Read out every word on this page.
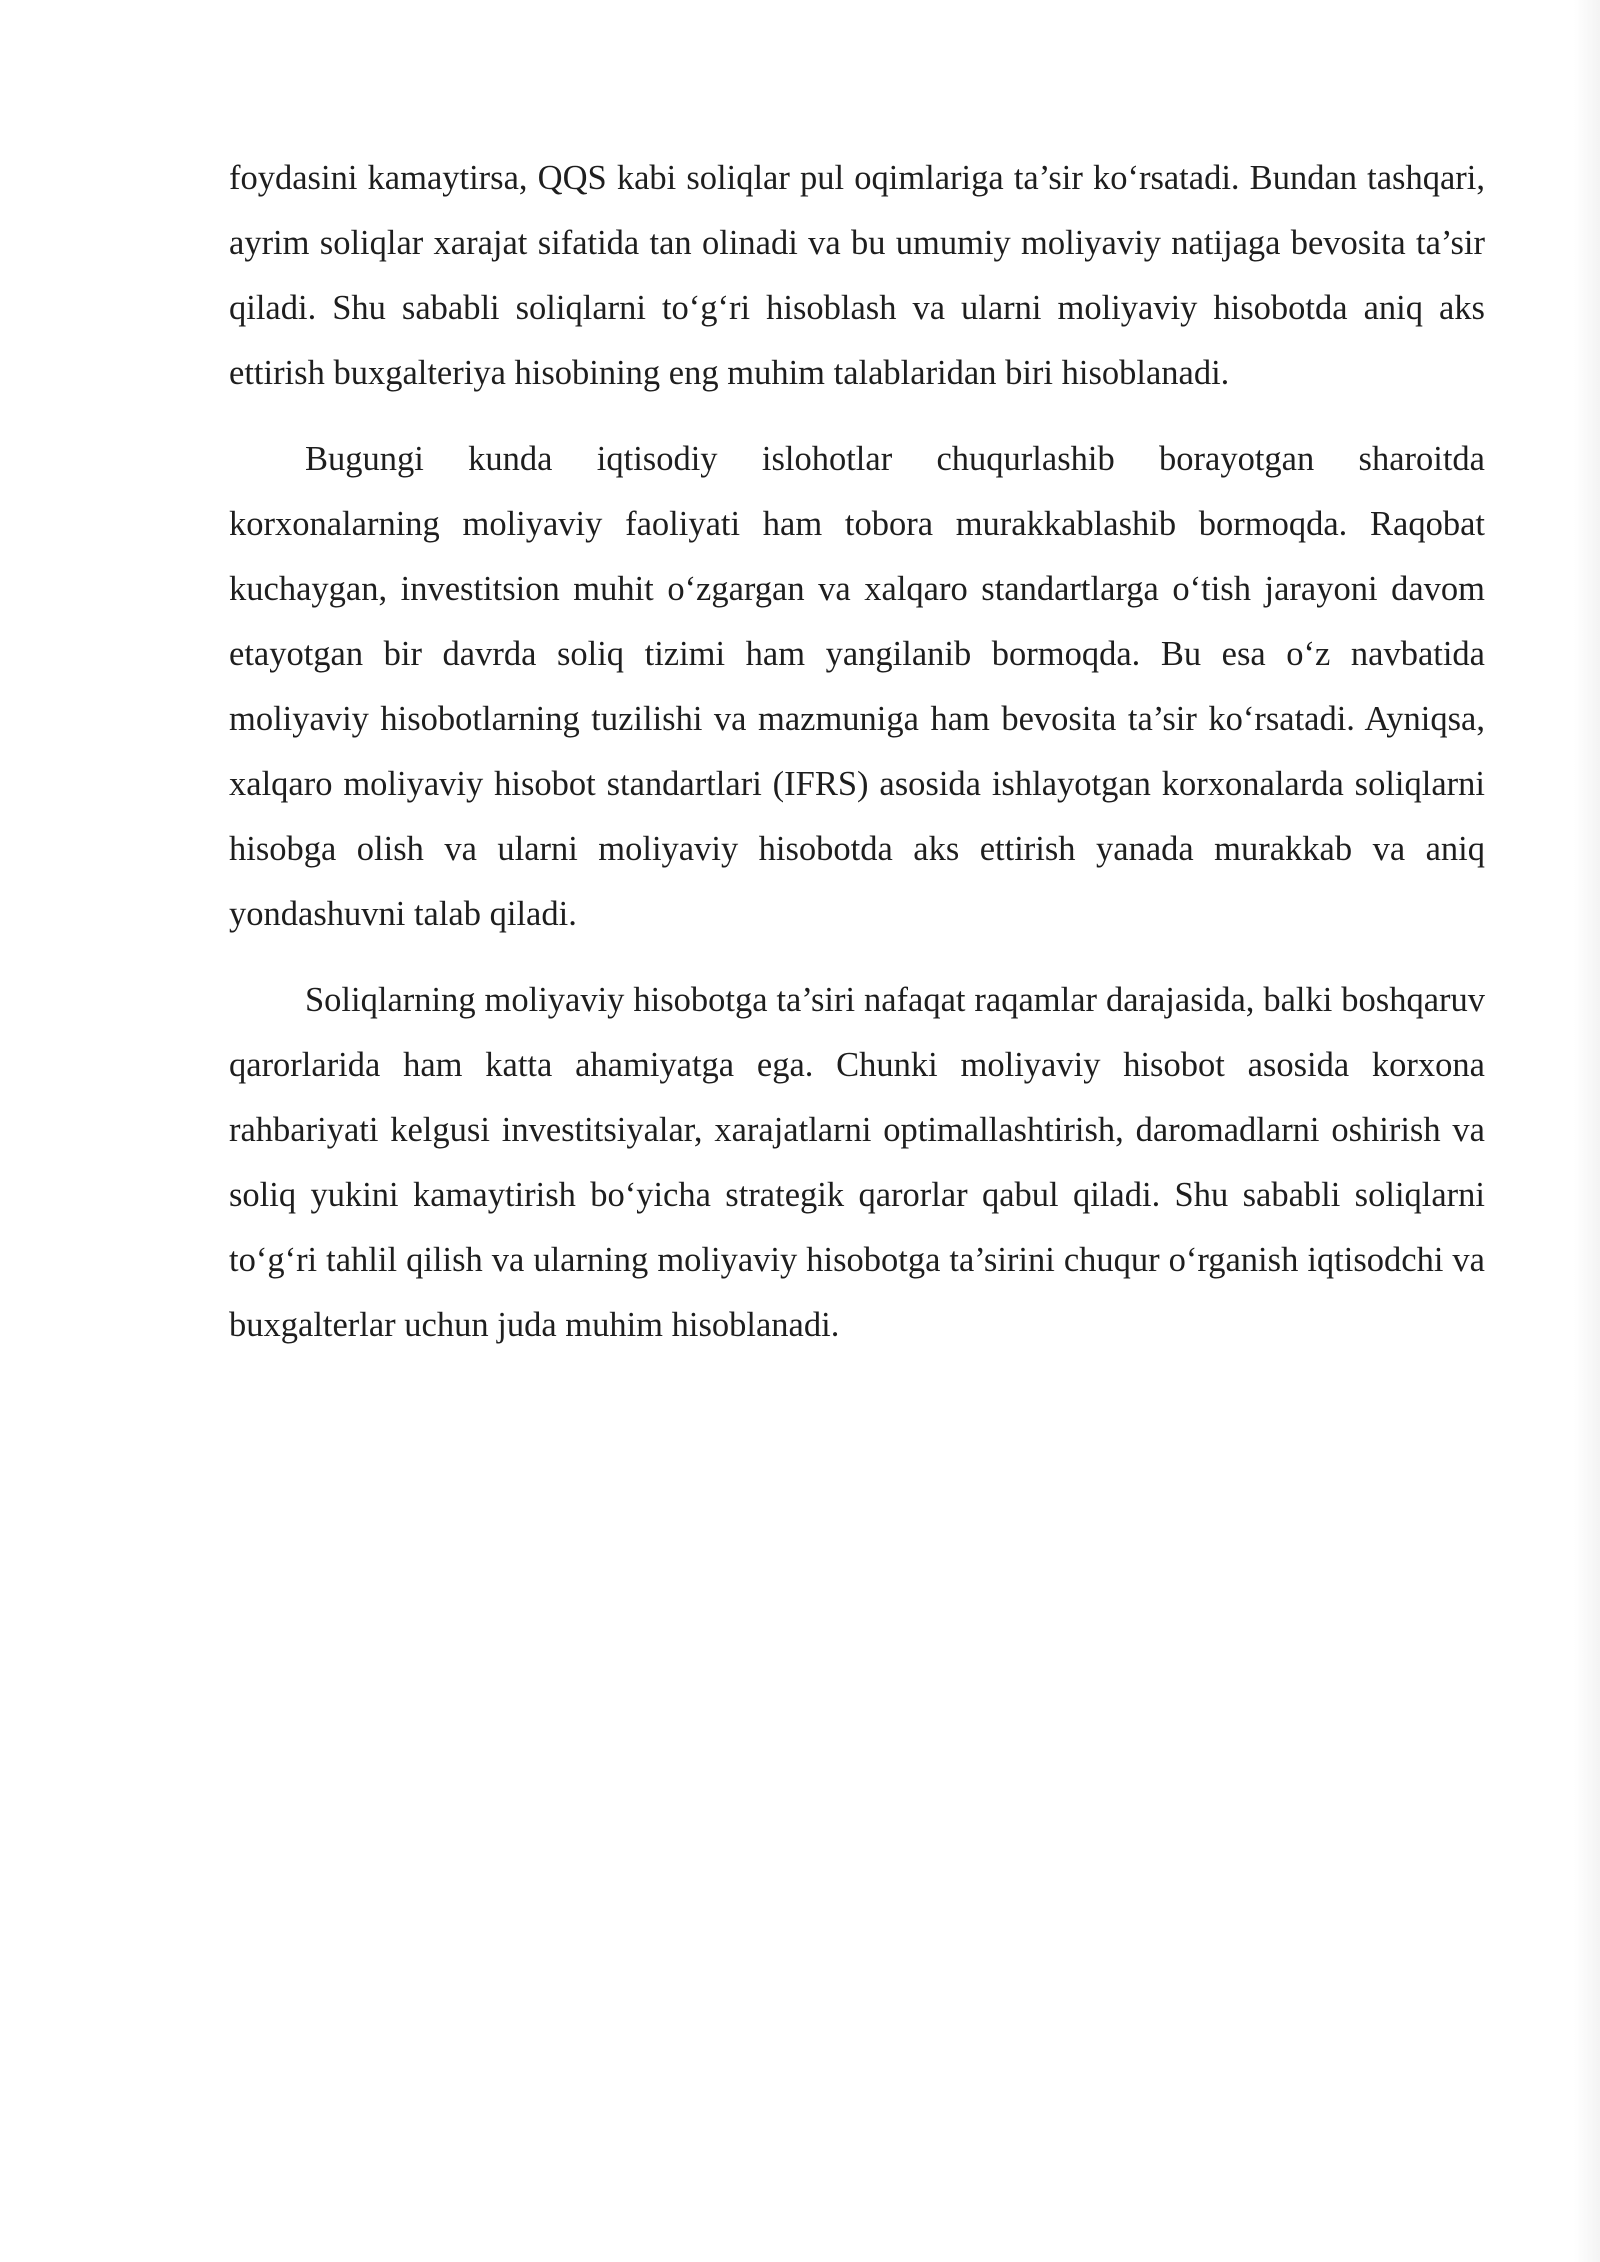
foydasini kamaytirsa, QQS kabi soliqlar pul oqimlariga ta’sir ko‘rsatadi. Bundan tashqari, ayrim soliqlar xarajat sifatida tan olinadi va bu umumiy moliyaviy natijaga bevosita ta’sir qiladi. Shu sababli soliqlarni to‘g‘ri hisoblash va ularni moliyaviy hisobotda aniq aks ettirish buxgalteriya hisobining eng muhim talablaridan biri hisoblanadi.

Bugungi kunda iqtisodiy islohotlar chuqurlashib borayotgan sharoitda korxonalarning moliyaviy faoliyati ham tobora murakkablashib bormoqda. Raqobat kuchaygan, investitsion muhit o‘zgargan va xalqaro standartlarga o‘tish jarayoni davom etayotgan bir davrda soliq tizimi ham yangilanib bormoqda. Bu esa o‘z navbatida moliyaviy hisobotlarning tuzilishi va mazmuniga ham bevosita ta’sir ko‘rsatadi. Ayniqsa, xalqaro moliyaviy hisobot standartlari (IFRS) asosida ishlayotgan korxonalarda soliqlarni hisobga olish va ularni moliyaviy hisobotda aks ettirish yanada murakkab va aniq yondashuvni talab qiladi.

Soliqlarning moliyaviy hisobotga ta’siri nafaqat raqamlar darajasida, balki boshqaruv qarorlarida ham katta ahamiyatga ega. Chunki moliyaviy hisobot asosida korxona rahbariyati kelgusi investitsiyalar, xarajatlarni optimallashtirish, daromadlarni oshirish va soliq yukini kamaytirish bo‘yicha strategik qarorlar qabul qiladi. Shu sababli soliqlarni to‘g‘ri tahlil qilish va ularning moliyaviy hisobotga ta’sirini chuqur o‘rganish iqtisodchi va buxgalterlar uchun juda muhim hisoblanadi.
